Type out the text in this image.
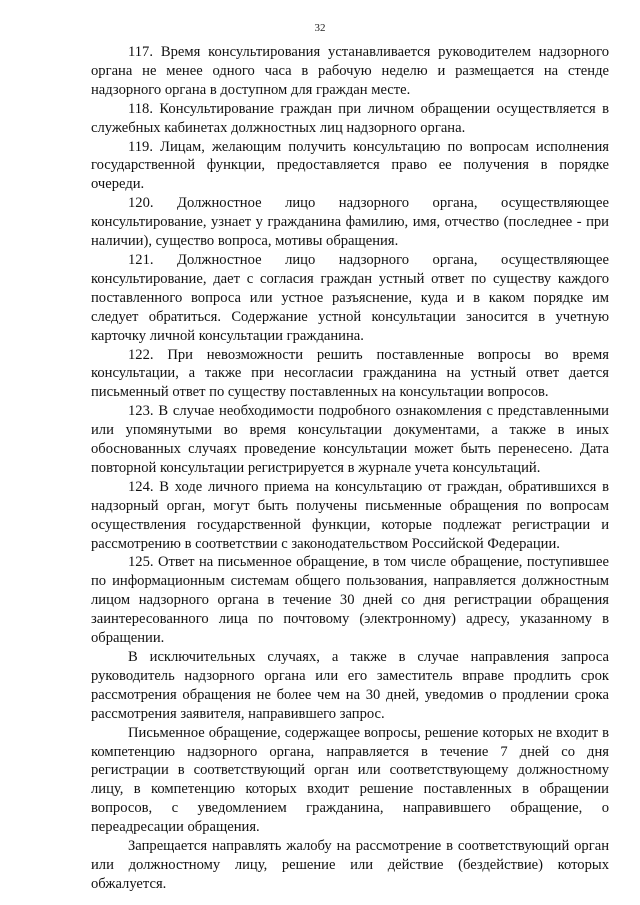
32

117. Время консультирования устанавливается руководителем надзорного органа не менее одного часа в рабочую неделю и размещается на стенде надзорного органа в доступном для граждан месте.

118. Консультирование граждан при личном обращении осуществляется в служебных кабинетах должностных лиц надзорного органа.

119. Лицам, желающим получить консультацию по вопросам исполнения государственной функции, предоставляется право ее получения в порядке очереди.

120. Должностное лицо надзорного органа, осуществляющее консультирование, узнает у гражданина фамилию, имя, отчество (последнее - при наличии), существо вопроса, мотивы обращения.

121. Должностное лицо надзорного органа, осуществляющее консультирование, дает с согласия граждан устный ответ по существу каждого поставленного вопроса или устное разъяснение, куда и в каком порядке им следует обратиться. Содержание устной консультации заносится в учетную карточку личной консультации гражданина.

122. При невозможности решить поставленные вопросы во время консультации, а также при несогласии гражданина на устный ответ дается письменный ответ по существу поставленных на консультации вопросов.

123. В случае необходимости подробного ознакомления с представленными или упомянутыми во время консультации документами, а также в иных обоснованных случаях проведение консультации может быть перенесено. Дата повторной консультации регистрируется в журнале учета консультаций.

124. В ходе личного приема на консультацию от граждан, обратившихся в надзорный орган, могут быть получены письменные обращения по вопросам осуществления государственной функции, которые подлежат регистрации и рассмотрению в соответствии с законодательством Российской Федерации.

125. Ответ на письменное обращение, в том числе обращение, поступившее по информационным системам общего пользования, направляется должностным лицом надзорного органа в течение 30 дней со дня регистрации обращения заинтересованного лица по почтовому (электронному) адресу, указанному в обращении.

В исключительных случаях, а также в случае направления запроса руководитель надзорного органа или его заместитель вправе продлить срок рассмотрения обращения не более чем на 30 дней, уведомив о продлении срока рассмотрения заявителя, направившего запрос.

Письменное обращение, содержащее вопросы, решение которых не входит в компетенцию надзорного органа, направляется в течение 7 дней со дня регистрации в соответствующий орган или соответствующему должностному лицу, в компетенцию которых входит решение поставленных в обращении вопросов, с уведомлением гражданина, направившего обращение, о переадресации обращения.

Запрещается направлять жалобу на рассмотрение в соответствующий орган или должностному лицу, решение или действие (бездействие) которых обжалуется.
